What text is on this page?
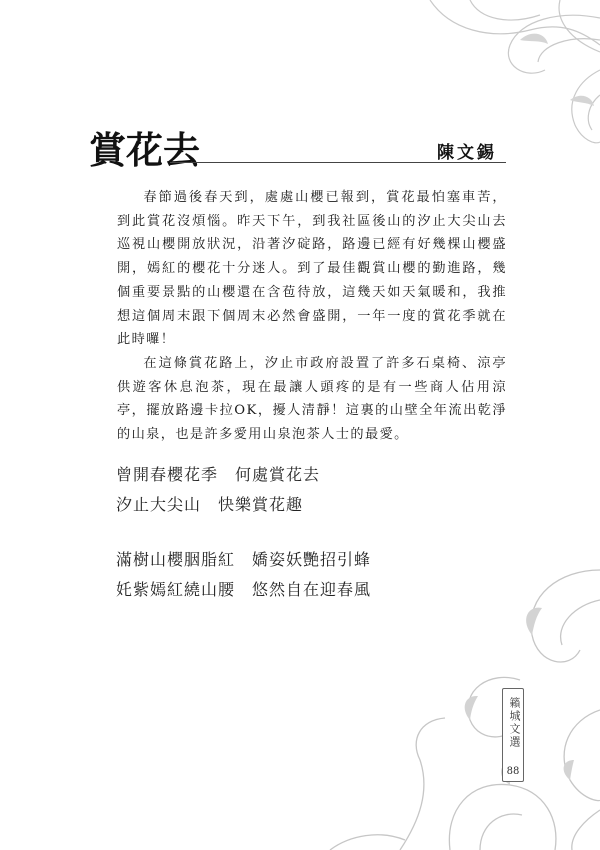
賞花去	陳文錫

春節過後春天到，處處山櫻已報到，賞花最怕塞車苦，到此賞花沒煩惱。昨天下午，到我社區後山的汐止大尖山去巡視山櫻開放狀況，沿著汐碇路，路邊已經有好幾棵山櫻盛開，嫣紅的櫻花十分迷人。到了最佳觀賞山櫻的勤進路，幾個重要景點的山櫻還在含苞待放，這幾天如天氣暖和，我推想這個周末跟下個周末必然會盛開，一年一度的賞花季就在此時囉！

在這條賞花路上，汐止市政府設置了許多石桌椅、涼亭供遊客休息泡茶，現在最讓人頭疼的是有一些商人佔用涼亭，擺放路邊卡拉OK，擾人清靜！這裏的山壁全年流出乾淨的山泉，也是許多愛用山泉泡茶人士的最愛。

曾開春櫻花季　何處賞花去
汐止大尖山　快樂賞花趣
滿樹山櫻胭脂紅　嬌姿妖艷招引蜂
奼紫嫣紅繞山腰　悠然自在迎春風
籟城文選
88
